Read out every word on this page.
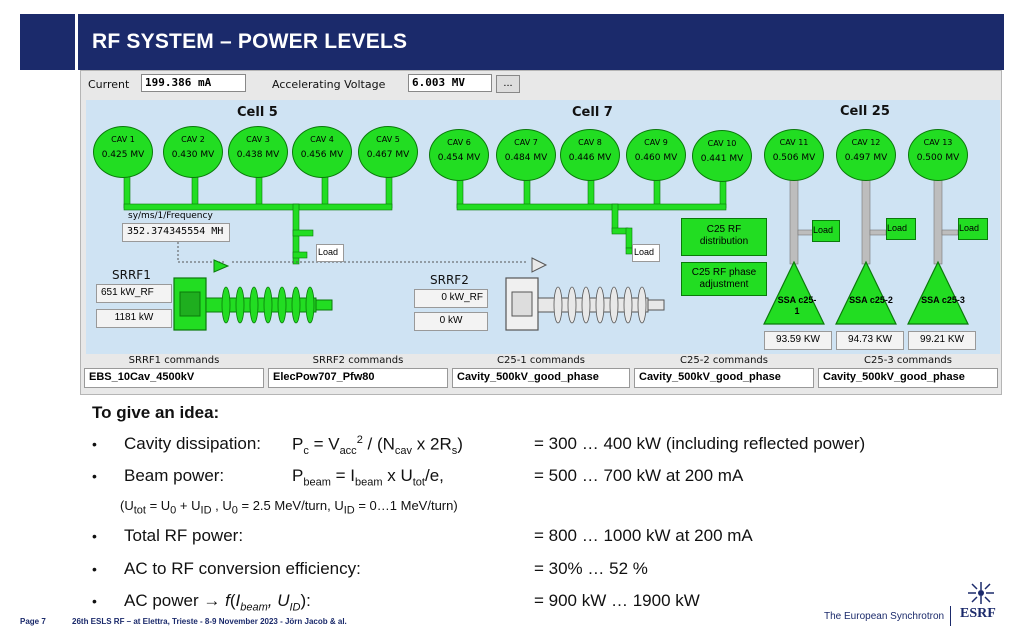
RF SYSTEM – POWER LEVELS
Current	199.386 mA	Accelerating Voltage	6.003 MV	...
Cell 5	Cell 7	Cell 25
CAV 1
0.425 MV
CAV 2
0.430 MV
CAV 3
0.438 MV
CAV 4
0.456 MV
CAV 5
0.467 MV
CAV 6
0.454 MV
CAV 7
0.484 MV
CAV 8
0.446 MV
CAV 9
0.460 MV
CAV 10
0.441 MV
CAV 11
0.506 MV
CAV 12
0.497 MV
CAV 13
0.500 MV
sy/ms/1/Frequency
352.374345554 MH
Load	Load
Load	Load	Load
SRRF1
651 kW_RF
1181 kW
SRRF2
0 kW_RF
0 kW
C25 RF distribution
C25 RF phase adjustment
SSA c25-1
SSA c25-2	SSA c25-3
93.59 KW	94.73 KW	99.21 KW
SRRF1 commands
EBS_10Cav_4500kV
SRRF2 commands
ElecPow707_Pfw80
C25-1 commands
Cavity_500kV_good_phase
C25-2 commands
Cavity_500kV_good_phase
C25-3 commands
Cavity_500kV_good_phase
To give an idea:
• Cavity dissipation: $P_c = V_{acc}^2 / (N_{cav}$ x $2R_s$)	= 300 … 400 kW (including reflected power)
• Beam power:	$P_{beam} = I_{beam}$ x $U_{tot}/e$,	= 500 … 700 kW at 200 mA
($U_{tot} = U_0 + U_{ID}$ , $U_0 = 2.5$ MeV/turn, $U_{ID}$ = 0…1 MeV/turn)
• Total RF power:	= 800 … 1000 kW at 200 mA
• AC to RF conversion efficiency:	= 30% … 52 %
• AC power → $f(I_{beam}$, $U_{ID}$):	= 900 kW … 1900 kW
Page 7	26th ESLS RF – at Elettra, Trieste - 8-9 November 2023 - Jörn Jacob & al.	The European Synchrotron ESRF
